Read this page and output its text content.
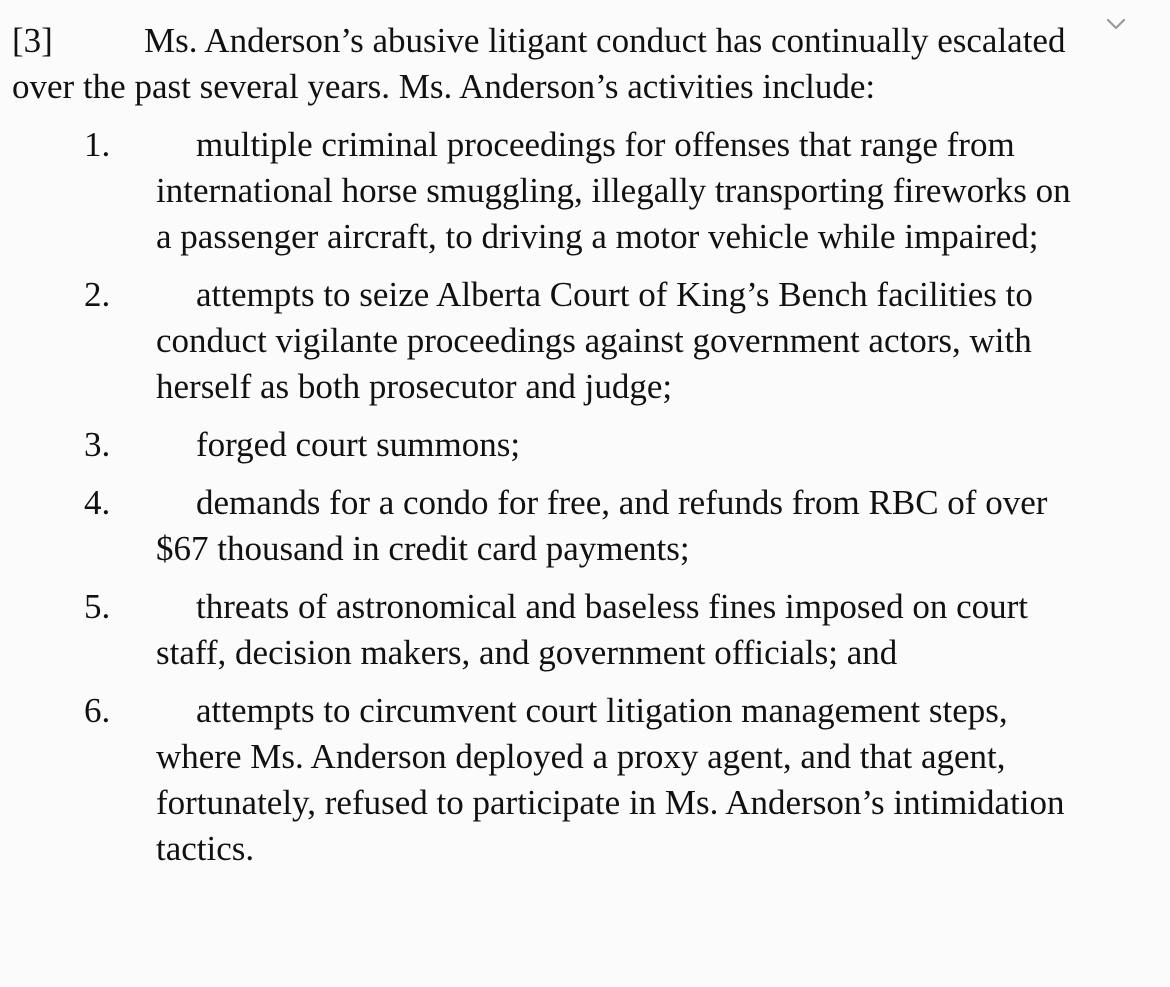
[3]	Ms. Anderson’s abusive litigant conduct has continually escalated over the past several years. Ms. Anderson’s activities include:

1.	multiple criminal proceedings for offenses that range from international horse smuggling, illegally transporting fireworks on a passenger aircraft, to driving a motor vehicle while impaired;
2.	attempts to seize Alberta Court of King’s Bench facilities to conduct vigilante proceedings against government actors, with herself as both prosecutor and judge;
3.	forged court summons;
4.	demands for a condo for free, and refunds from RBC of over $67 thousand in credit card payments;
5.	threats of astronomical and baseless fines imposed on court staff, decision makers, and government officials; and
6.	attempts to circumvent court litigation management steps, where Ms. Anderson deployed a proxy agent, and that agent, fortunately, refused to participate in Ms. Anderson’s intimidation tactics.
